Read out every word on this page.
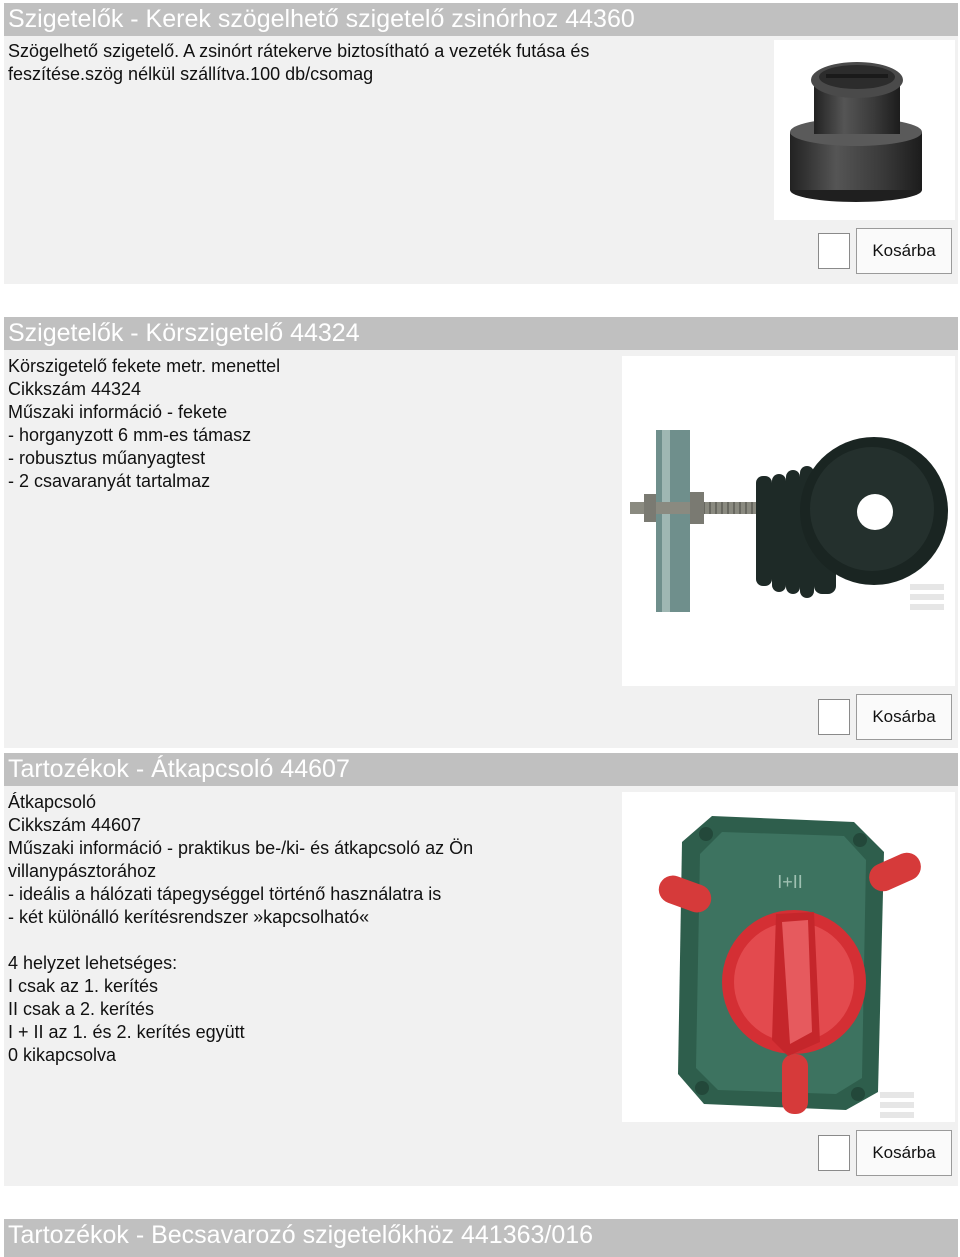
Szigetelők - Kerek szögelhető szigetelő zsinórhoz 44360
Szögelhető szigetelő. A zsinórt rátekerve biztosítható a vezeték futása és
feszítése.szög nélkül szállítva.100 db/csomag
Kosárba
Szigetelők - Körszigetelő 44324
Körszigetelő fekete metr. menettel
Cikkszám 44324
Műszaki információ - fekete
- horganyzott 6 mm-es támasz
- robusztus műanyagtest
- 2 csavaranyát tartalmaz
Kosárba
Tartozékok - Átkapcsoló 44607
Átkapcsoló
Cikkszám 44607
Műszaki információ - praktikus be-/ki- és átkapcsoló az Ön
villanypásztorához
- ideális a hálózati tápegységgel történő használatra is
- két különálló kerítésrendszer »kapcsolható«
4 helyzet lehetséges:
I csak az 1. kerítés
II csak a 2. kerítés
I + II az 1. és 2. kerítés együtt
0 kikapcsolva
I+II
Kosárba
Tartozékok - Becsavarozó szigetelőkhöz 441363/016
